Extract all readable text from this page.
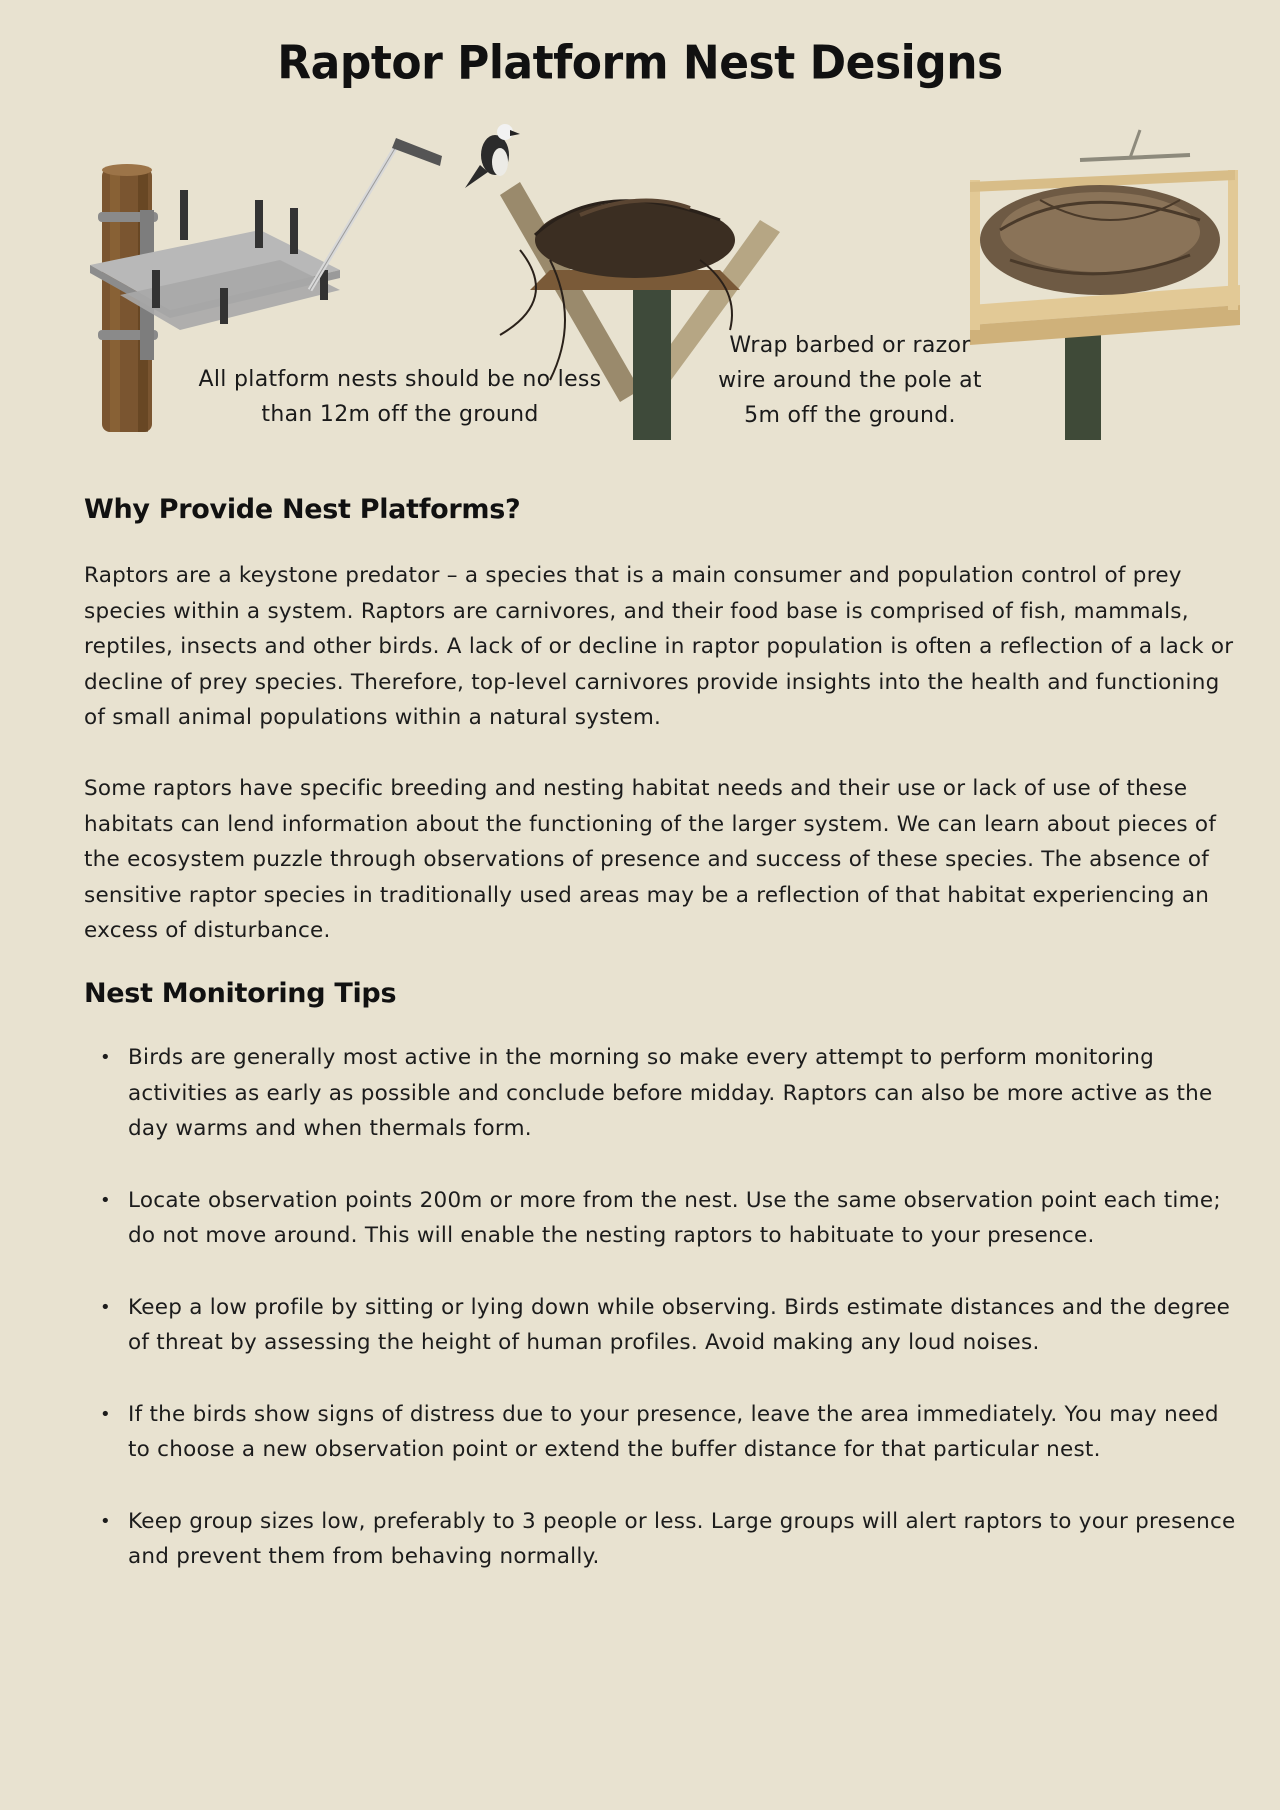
Raptor Platform Nest Designs
All platform nests should be no less than 12m off the ground
Wrap barbed or razor wire around the pole at 5m off the ground.
Why Provide Nest Platforms?

Raptors are a keystone predator – a species that is a main consumer and population control of prey species within a system. Raptors are carnivores, and their food base is comprised of fish, mammals, reptiles, insects and other birds. A lack of or decline in raptor population is often a reflection of a lack or decline of prey species. Therefore, top-level carnivores provide insights into the health and functioning of small animal populations within a natural system.

Some raptors have specific breeding and nesting habitat needs and their use or lack of use of these habitats can lend information about the functioning of the larger system. We can learn about pieces of the ecosystem puzzle through observations of presence and success of these species. The absence of sensitive raptor species in traditionally used areas may be a reflection of that habitat experiencing an excess of disturbance.

Nest Monitoring Tips
• Birds are generally most active in the morning so make every attempt to perform monitoring activities as early as possible and conclude before midday. Raptors can also be more active as the day warms and when thermals form.
• Locate observation points 200m or more from the nest. Use the same observation point each time; do not move around. This will enable the nesting raptors to habituate to your presence.
• Keep a low profile by sitting or lying down while observing. Birds estimate distances and the degree of threat by assessing the height of human profiles. Avoid making any loud noises.
• If the birds show signs of distress due to your presence, leave the area immediately. You may need to choose a new observation point or extend the buffer distance for that particular nest.
• Keep group sizes low, preferably to 3 people or less. Large groups will alert raptors to your presence and prevent them from behaving normally.
